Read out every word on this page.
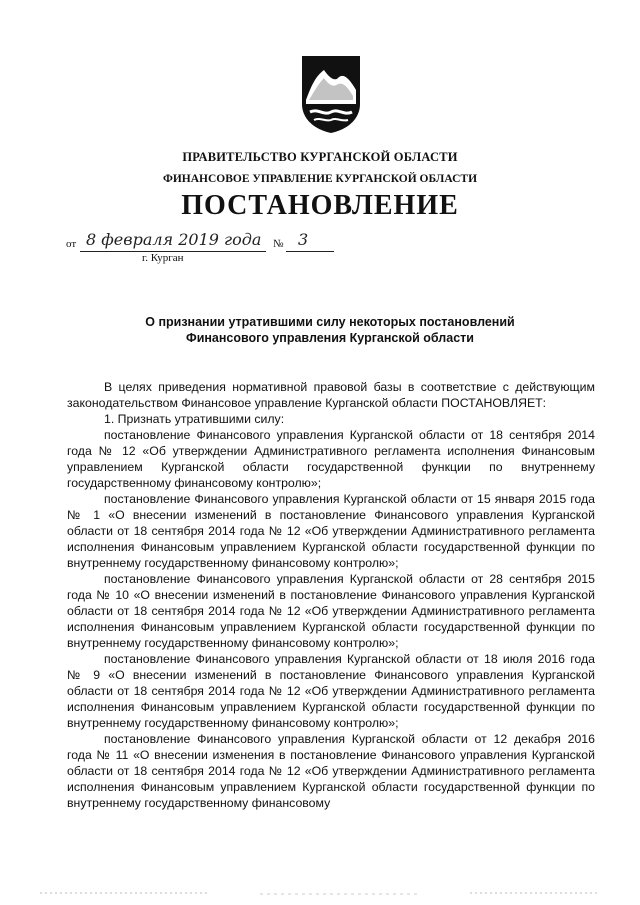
ПРАВИТЕЛЬСТВО КУРГАНСКОЙ ОБЛАСТИ
ФИНАНСОВОЕ УПРАВЛЕНИЕ КУРГАНСКОЙ ОБЛАСТИ
ПОСТАНОВЛЕНИЕ
от 8 февраля 2019 года № 3
г. Курган
О признании утратившими силу некоторых постановлений
Финансового управления Курганской области

В целях приведения нормативной правовой базы в соответствие с действующим законодательством Финансовое управление Курганской области ПОСТАНОВЛЯЕТ:

1. Признать утратившими силу:

постановление Финансового управления Курганской области от 18 сентября 2014 года № 12 «Об утверждении Административного регламента исполнения Финансовым управлением Курганской области государственной функции по внутреннему государственному финансовому контролю»;

постановление Финансового управления Курганской области от 15 января 2015 года № 1 «О внесении изменений в постановление Финансового управления Курганской области от 18 сентября 2014 года № 12 «Об утверждении Административного регламента исполнения Финансовым управлением Курганской области государственной функции по внутреннему государственному финансовому контролю»;

постановление Финансового управления Курганской области от 28 сентября 2015 года № 10 «О внесении изменений в постановление Финансового управления Курганской области от 18 сентября 2014 года № 12 «Об утверждении Административного регламента исполнения Финансовым управлением Курганской области государственной функции по внутреннему государственному финансовому контролю»;

постановление Финансового управления Курганской области от 18 июля 2016 года № 9 «О внесении изменений в постановление Финансового управления Курганской области от 18 сентября 2014 года № 12 «Об утверждении Административного регламента исполнения Финансовым управлением Курганской области государственной функции по внутреннему государственному финансовому контролю»;

постановление Финансового управления Курганской области от 12 декабря 2016 года № 11 «О внесении изменения в постановление Финансового управления Курганской области от 18 сентября 2014 года № 12 «Об утверждении Административного регламента исполнения Финансовым управлением Курганской области государственной функции по внутреннему государственному финансовому
